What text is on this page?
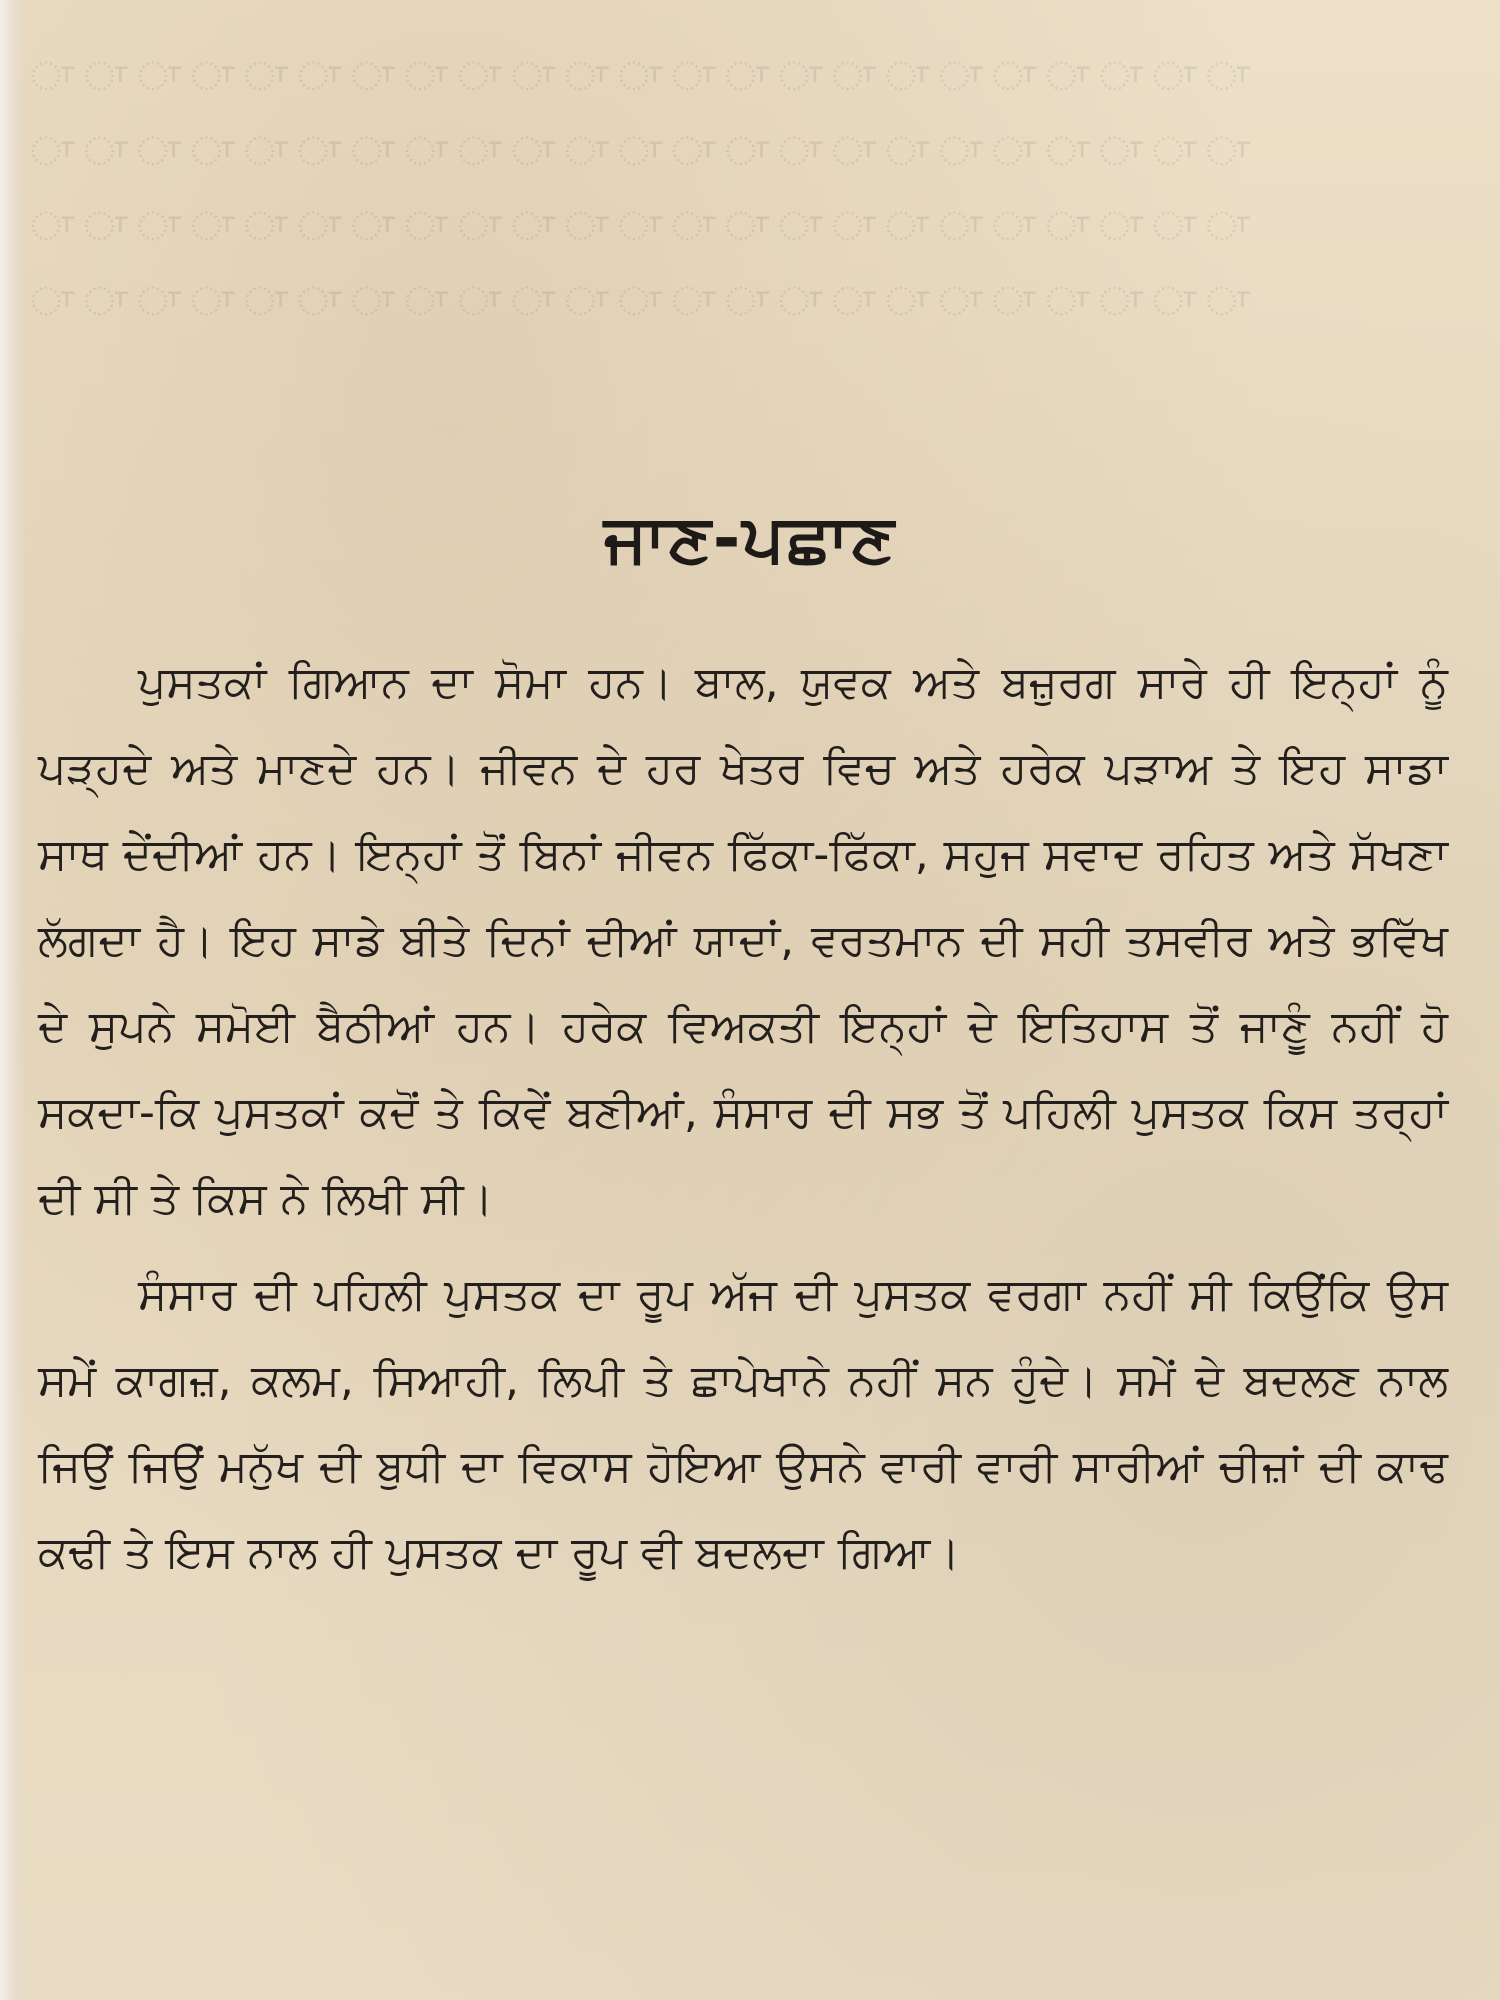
ਾ ਾ ਾ ਾ ਾ ਾ ਾ ਾ ਾ ਾ ਾ ਾ ਾ ਾ ਾ ਾ ਾ ਾ ਾ ਾ ਾ ਾ ਾ
ਾ ਾ ਾ ਾ ਾ ਾ ਾ ਾ ਾ ਾ ਾ ਾ ਾ ਾ ਾ ਾ ਾ ਾ ਾ ਾ ਾ ਾ ਾ
ਾ ਾ ਾ ਾ ਾ ਾ ਾ ਾ ਾ ਾ ਾ ਾ ਾ ਾ ਾ ਾ ਾ ਾ ਾ ਾ ਾ ਾ ਾ
ਾ ਾ ਾ ਾ ਾ ਾ ਾ ਾ ਾ ਾ ਾ ਾ ਾ ਾ ਾ ਾ ਾ ਾ ਾ ਾ ਾ ਾ ਾ
ਜਾਣ-ਪਛਾਣ

ਪੁਸਤਕਾਂ ਗਿਆਨ ਦਾ ਸੋਮਾ ਹਨ। ਬਾਲ, ਯੁਵਕ ਅਤੇ ਬਜ਼ੁਰਗ ਸਾਰੇ ਹੀ ਇਨ੍ਹਾਂ ਨੂੰ ਪੜ੍ਹਦੇ ਅਤੇ ਮਾਣਦੇ ਹਨ। ਜੀਵਨ ਦੇ ਹਰ ਖੇਤਰ ਵਿਚ ਅਤੇ ਹਰੇਕ ਪੜਾਅ ਤੇ ਇਹ ਸਾਡਾ ਸਾਥ ਦੇਂਦੀਆਂ ਹਨ। ਇਨ੍ਹਾਂ ਤੋਂ ਬਿਨਾਂ ਜੀਵਨ ਫਿੱਕਾ-ਫਿੱਕਾ, ਸਹੁਜ ਸਵਾਦ ਰਹਿਤ ਅਤੇ ਸੱਖਣਾ ਲੱਗਦਾ ਹੈ। ਇਹ ਸਾਡੇ ਬੀਤੇ ਦਿਨਾਂ ਦੀਆਂ ਯਾਦਾਂ, ਵਰਤਮਾਨ ਦੀ ਸਹੀ ਤਸਵੀਰ ਅਤੇ ਭਵਿੱਖ ਦੇ ਸੁਪਨੇ ਸਮੋਈ ਬੈਠੀਆਂ ਹਨ। ਹਰੇਕ ਵਿਅਕਤੀ ਇਨ੍ਹਾਂ ਦੇ ਇਤਿਹਾਸ ਤੋਂ ਜਾਣੂੰ ਨਹੀਂ ਹੋ ਸਕਦਾ-ਕਿ ਪੁਸਤਕਾਂ ਕਦੋਂ ਤੇ ਕਿਵੇਂ ਬਣੀਆਂ, ਸੰਸਾਰ ਦੀ ਸਭ ਤੋਂ ਪਹਿਲੀ ਪੁਸਤਕ ਕਿਸ ਤਰ੍ਹਾਂ ਦੀ ਸੀ ਤੇ ਕਿਸ ਨੇ ਲਿਖੀ ਸੀ।

ਸੰਸਾਰ ਦੀ ਪਹਿਲੀ ਪੁਸਤਕ ਦਾ ਰੂਪ ਅੱਜ ਦੀ ਪੁਸਤਕ ਵਰਗਾ ਨਹੀਂ ਸੀ ਕਿਉਂਕਿ ਉਸ ਸਮੇਂ ਕਾਗਜ਼, ਕਲਮ, ਸਿਆਹੀ, ਲਿਪੀ ਤੇ ਛਾਪੇਖਾਨੇ ਨਹੀਂ ਸਨ ਹੁੰਦੇ। ਸਮੇਂ ਦੇ ਬਦਲਣ ਨਾਲ ਜਿਉਂ ਜਿਉਂ ਮਨੁੱਖ ਦੀ ਬੁਧੀ ਦਾ ਵਿਕਾਸ ਹੋਇਆ ਉਸਨੇ ਵਾਰੀ ਵਾਰੀ ਸਾਰੀਆਂ ਚੀਜ਼ਾਂ ਦੀ ਕਾਢ ਕਢੀ ਤੇ ਇਸ ਨਾਲ ਹੀ ਪੁਸਤਕ ਦਾ ਰੂਪ ਵੀ ਬਦਲਦਾ ਗਿਆ।
